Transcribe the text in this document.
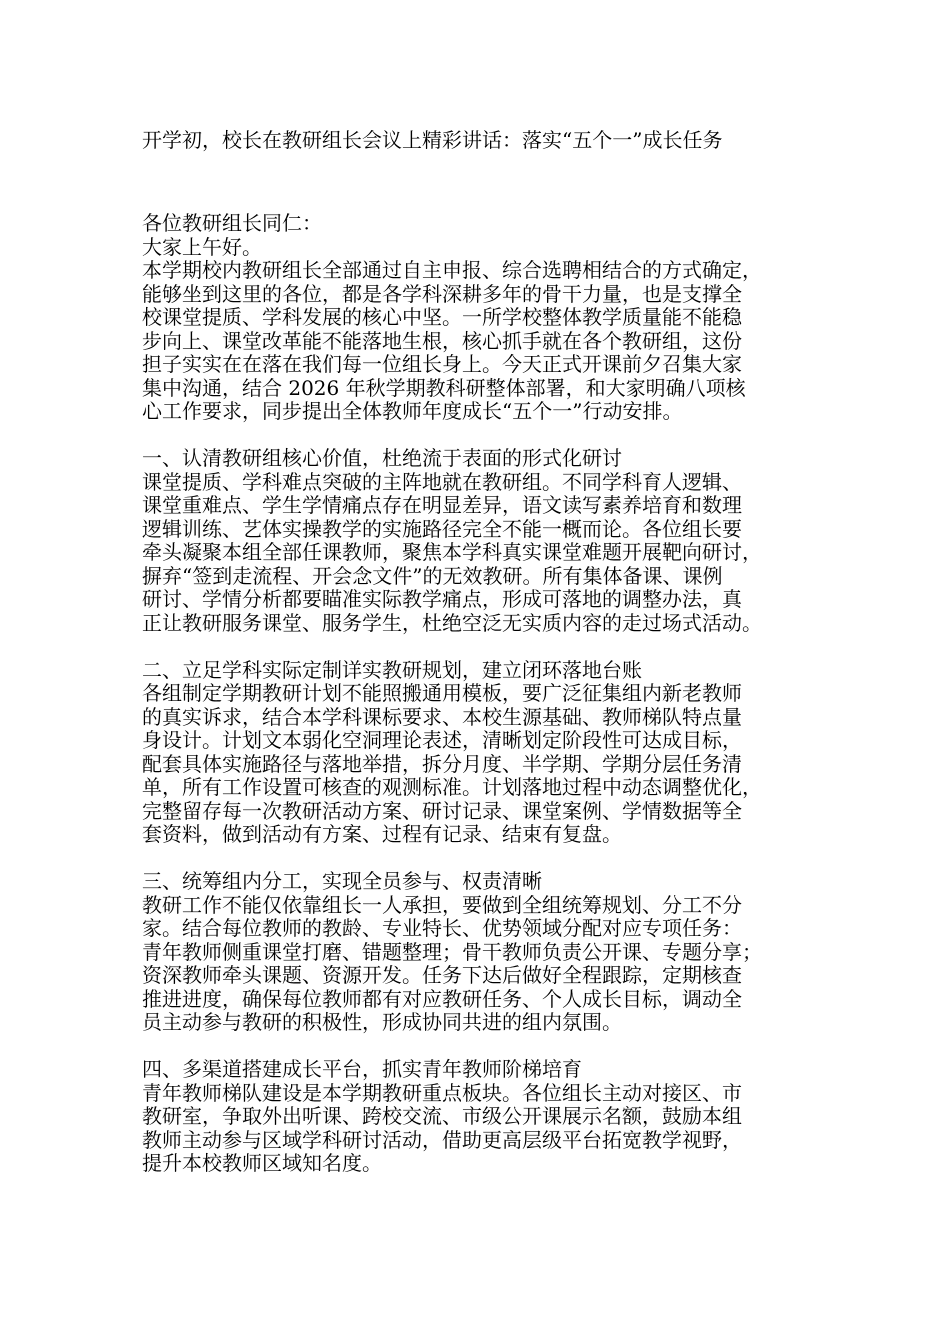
开学初，校长在教研组长会议上精彩讲话：落实“五个一”成长任务
各位教研组长同仁：
大家上午好。
本学期校内教研组长全部通过自主申报、综合选聘相结合的方式确定，
能够坐到这里的各位，都是各学科深耕多年的骨干力量，也是支撑全
校课堂提质、学科发展的核心中坚。一所学校整体教学质量能不能稳
步向上、课堂改革能不能落地生根，核心抓手就在各个教研组，这份
担子实实在在落在我们每一位组长身上。今天正式开课前夕召集大家
集中沟通，结合 2026 年秋学期教科研整体部署，和大家明确八项核
心工作要求，同步提出全体教师年度成长“五个一”行动安排。
一、认清教研组核心价值，杜绝流于表面的形式化研讨
课堂提质、学科难点突破的主阵地就在教研组。不同学科育人逻辑、
课堂重难点、学生学情痛点存在明显差异，语文读写素养培育和数理
逻辑训练、艺体实操教学的实施路径完全不能一概而论。各位组长要
牵头凝聚本组全部任课教师，聚焦本学科真实课堂难题开展靶向研讨，
摒弃“签到走流程、开会念文件”的无效教研。所有集体备课、课例
研讨、学情分析都要瞄准实际教学痛点，形成可落地的调整办法，真
正让教研服务课堂、服务学生，杜绝空泛无实质内容的走过场式活动。
二、立足学科实际定制详实教研规划，建立闭环落地台账
各组制定学期教研计划不能照搬通用模板，要广泛征集组内新老教师
的真实诉求，结合本学科课标要求、本校生源基础、教师梯队特点量
身设计。计划文本弱化空洞理论表述，清晰划定阶段性可达成目标，
配套具体实施路径与落地举措，拆分月度、半学期、学期分层任务清
单，所有工作设置可核查的观测标准。计划落地过程中动态调整优化，
完整留存每一次教研活动方案、研讨记录、课堂案例、学情数据等全
套资料，做到活动有方案、过程有记录、结束有复盘。
三、统筹组内分工，实现全员参与、权责清晰
教研工作不能仅依靠组长一人承担，要做到全组统筹规划、分工不分
家。结合每位教师的教龄、专业特长、优势领域分配对应专项任务：
青年教师侧重课堂打磨、错题整理；骨干教师负责公开课、专题分享；
资深教师牵头课题、资源开发。任务下达后做好全程跟踪，定期核查
推进进度，确保每位教师都有对应教研任务、个人成长目标，调动全
员主动参与教研的积极性，形成协同共进的组内氛围。
四、多渠道搭建成长平台，抓实青年教师阶梯培育
青年教师梯队建设是本学期教研重点板块。各位组长主动对接区、市
教研室，争取外出听课、跨校交流、市级公开课展示名额，鼓励本组
教师主动参与区域学科研讨活动，借助更高层级平台拓宽教学视野，
提升本校教师区域知名度。
